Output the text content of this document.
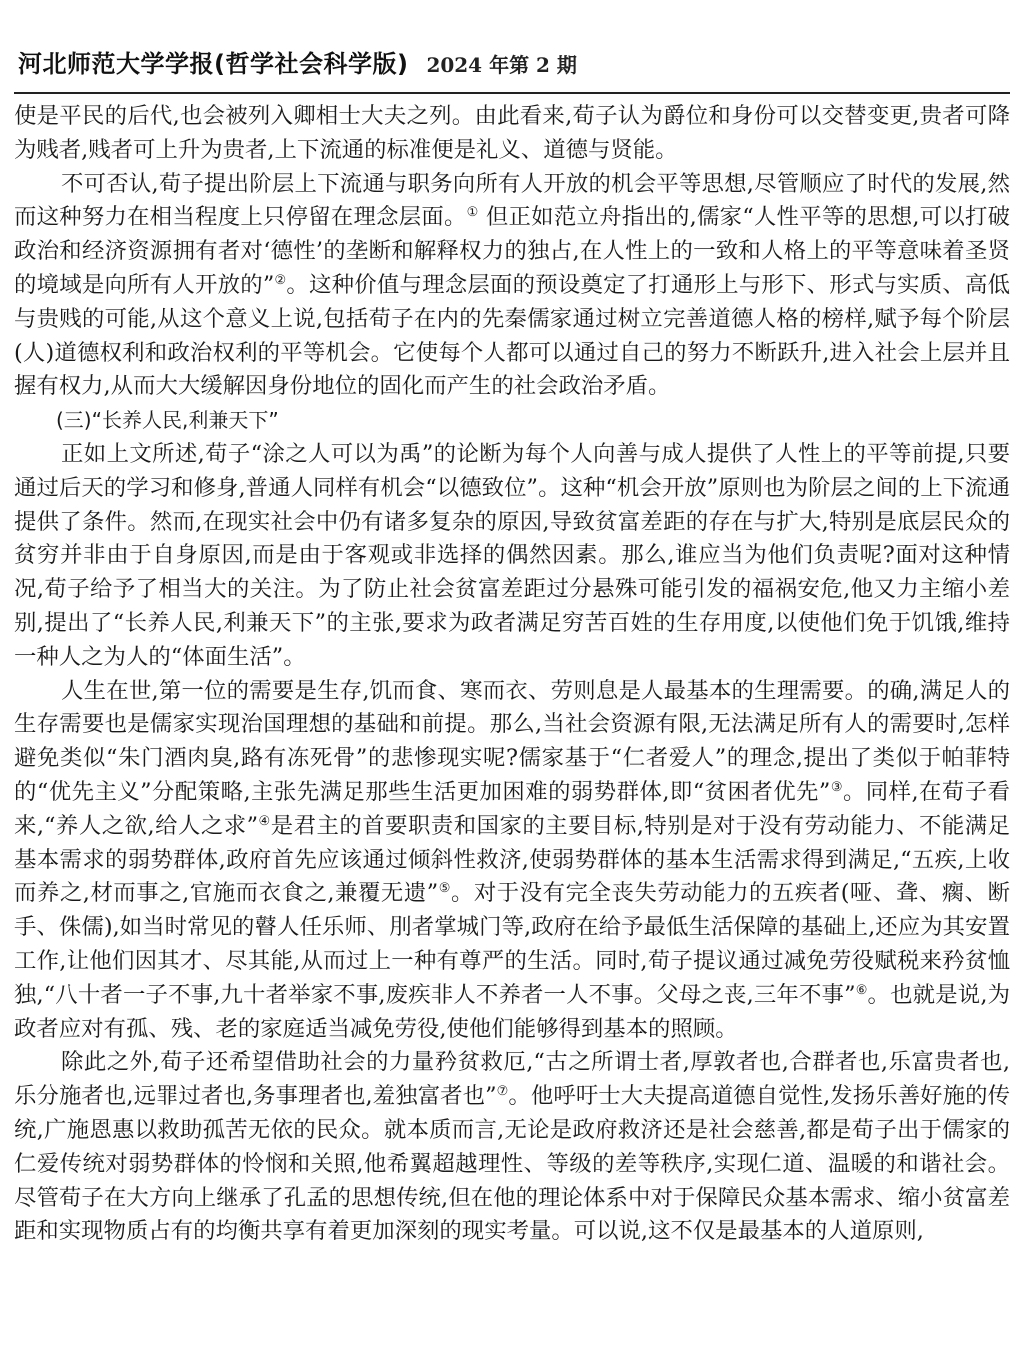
河北师范大学学报(哲学社会科学版) 2024 年第 2 期

使是平民的后代,也会被列入卿相士大夫之列。由此看来,荀子认为爵位和身份可以交替变更,贵者可降为贱者,贱者可上升为贵者,上下流通的标准便是礼义、道德与贤能。

不可否认,荀子提出阶层上下流通与职务向所有人开放的机会平等思想,尽管顺应了时代的发展,然而这种努力在相当程度上只停留在理念层面。① 但正如范立舟指出的,儒家“人性平等的思想,可以打破政治和经济资源拥有者对‘德性’的垄断和解释权力的独占,在人性上的一致和人格上的平等意味着圣贤的境域是向所有人开放的”②。这种价值与理念层面的预设奠定了打通形上与形下、形式与实质、高低与贵贱的可能,从这个意义上说,包括荀子在内的先秦儒家通过树立完善道德人格的榜样,赋予每个阶层(人)道德权利和政治权利的平等机会。它使每个人都可以通过自己的努力不断跃升,进入社会上层并且握有权力,从而大大缓解因身份地位的固化而产生的社会政治矛盾。

(三)“长养人民,利兼天下”

正如上文所述,荀子“涂之人可以为禹”的论断为每个人向善与成人提供了人性上的平等前提,只要通过后天的学习和修身,普通人同样有机会“以德致位”。这种“机会开放”原则也为阶层之间的上下流通提供了条件。然而,在现实社会中仍有诸多复杂的原因,导致贫富差距的存在与扩大,特别是底层民众的贫穷并非由于自身原因,而是由于客观或非选择的偶然因素。那么,谁应当为他们负责呢?面对这种情况,荀子给予了相当大的关注。为了防止社会贫富差距过分悬殊可能引发的福祸安危,他又力主缩小差别,提出了“长养人民,利兼天下”的主张,要求为政者满足穷苦百姓的生存用度,以使他们免于饥饿,维持一种人之为人的“体面生活”。

人生在世,第一位的需要是生存,饥而食、寒而衣、劳则息是人最基本的生理需要。的确,满足人的生存需要也是儒家实现治国理想的基础和前提。那么,当社会资源有限,无法满足所有人的需要时,怎样避免类似“朱门酒肉臭,路有冻死骨”的悲惨现实呢?儒家基于“仁者爱人”的理念,提出了类似于帕菲特的“优先主义”分配策略,主张先满足那些生活更加困难的弱势群体,即“贫困者优先”③。同样,在荀子看来,“养人之欲,给人之求”④是君主的首要职责和国家的主要目标,特别是对于没有劳动能力、不能满足基本需求的弱势群体,政府首先应该通过倾斜性救济,使弱势群体的基本生活需求得到满足,“五疾,上收而养之,材而事之,官施而衣食之,兼覆无遗”⑤。对于没有完全丧失劳动能力的五疾者(哑、聋、瘸、断手、侏儒),如当时常见的瞽人任乐师、刖者掌城门等,政府在给予最低生活保障的基础上,还应为其安置工作,让他们因其才、尽其能,从而过上一种有尊严的生活。同时,荀子提议通过减免劳役赋税来矜贫恤独,“八十者一子不事,九十者举家不事,废疾非人不养者一人不事。父母之丧,三年不事”⑥。也就是说,为政者应对有孤、残、老的家庭适当减免劳役,使他们能够得到基本的照顾。

除此之外,荀子还希望借助社会的力量矜贫救厄,“古之所谓士者,厚敦者也,合群者也,乐富贵者也,乐分施者也,远罪过者也,务事理者也,羞独富者也”⑦。他呼吁士大夫提高道德自觉性,发扬乐善好施的传统,广施恩惠以救助孤苦无依的民众。就本质而言,无论是政府救济还是社会慈善,都是荀子出于儒家的仁爱传统对弱势群体的怜悯和关照,他希翼超越理性、等级的差等秩序,实现仁道、温暖的和谐社会。尽管荀子在大方向上继承了孔孟的思想传统,但在他的理论体系中对于保障民众基本需求、缩小贫富差距和实现物质占有的均衡共享有着更加深刻的现实考量。可以说,这不仅是最基本的人道原则,
